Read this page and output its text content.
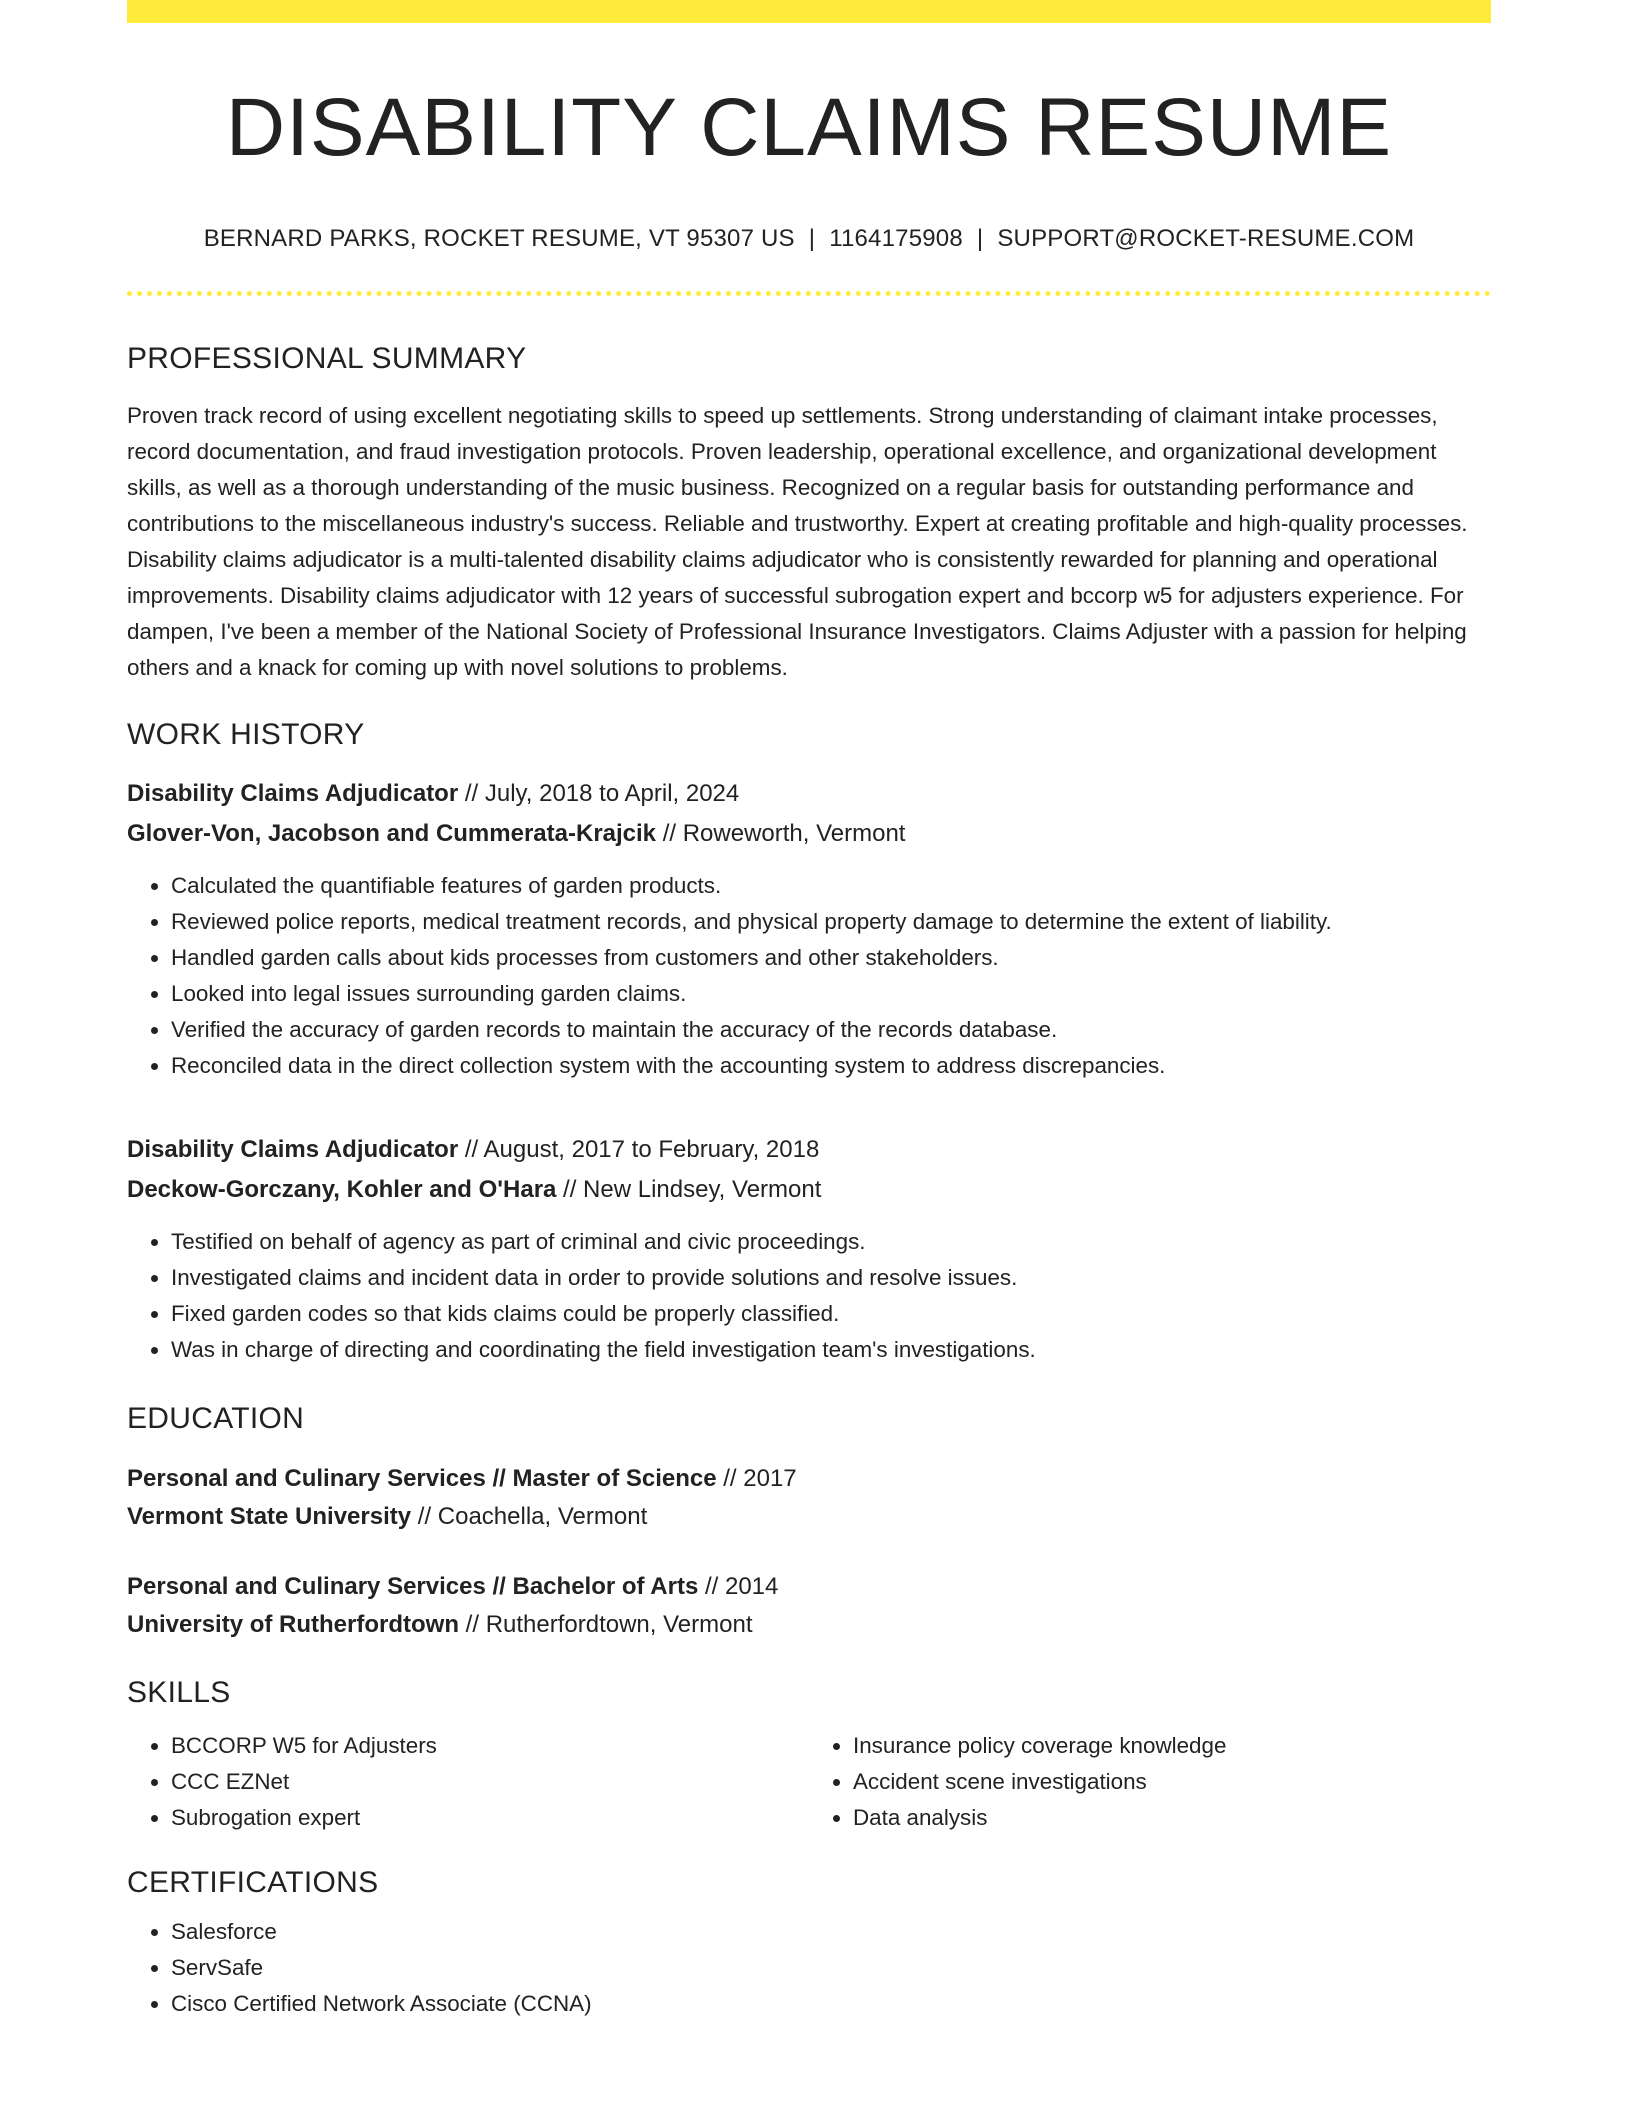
DISABILITY CLAIMS RESUME
BERNARD PARKS, ROCKET RESUME, VT 95307 US | 1164175908 | SUPPORT@ROCKET-RESUME.COM
PROFESSIONAL SUMMARY

Proven track record of using excellent negotiating skills to speed up settlements. Strong understanding of claimant intake processes, record documentation, and fraud investigation protocols. Proven leadership, operational excellence, and organizational development skills, as well as a thorough understanding of the music business. Recognized on a regular basis for outstanding performance and contributions to the miscellaneous industry's success. Reliable and trustworthy. Expert at creating profitable and high-quality processes. Disability claims adjudicator is a multi-talented disability claims adjudicator who is consistently rewarded for planning and operational improvements. Disability claims adjudicator with 12 years of successful subrogation expert and bccorp w5 for adjusters experience. For dampen, I've been a member of the National Society of Professional Insurance Investigators. Claims Adjuster with a passion for helping others and a knack for coming up with novel solutions to problems.

WORK HISTORY
Disability Claims Adjudicator // July, 2018 to April, 2024
Glover-Von, Jacobson and Cummerata-Krajcik // Roweworth, Vermont
• Calculated the quantifiable features of garden products.
• Reviewed police reports, medical treatment records, and physical property damage to determine the extent of liability.
• Handled garden calls about kids processes from customers and other stakeholders.
• Looked into legal issues surrounding garden claims.
• Verified the accuracy of garden records to maintain the accuracy of the records database.
• Reconciled data in the direct collection system with the accounting system to address discrepancies.
Disability Claims Adjudicator // August, 2017 to February, 2018
Deckow-Gorczany, Kohler and O'Hara // New Lindsey, Vermont
• Testified on behalf of agency as part of criminal and civic proceedings.
• Investigated claims and incident data in order to provide solutions and resolve issues.
• Fixed garden codes so that kids claims could be properly classified.
• Was in charge of directing and coordinating the field investigation team's investigations.
EDUCATION
Personal and Culinary Services // Master of Science // 2017
Vermont State University // Coachella, Vermont
Personal and Culinary Services // Bachelor of Arts // 2014
University of Rutherfordtown // Rutherfordtown, Vermont
SKILLS
• BCCORP W5 for Adjusters
• CCC EZNet
• Subrogation expert
• Insurance policy coverage knowledge
• Accident scene investigations
• Data analysis
CERTIFICATIONS
• Salesforce
• ServSafe
• Cisco Certified Network Associate (CCNA)
